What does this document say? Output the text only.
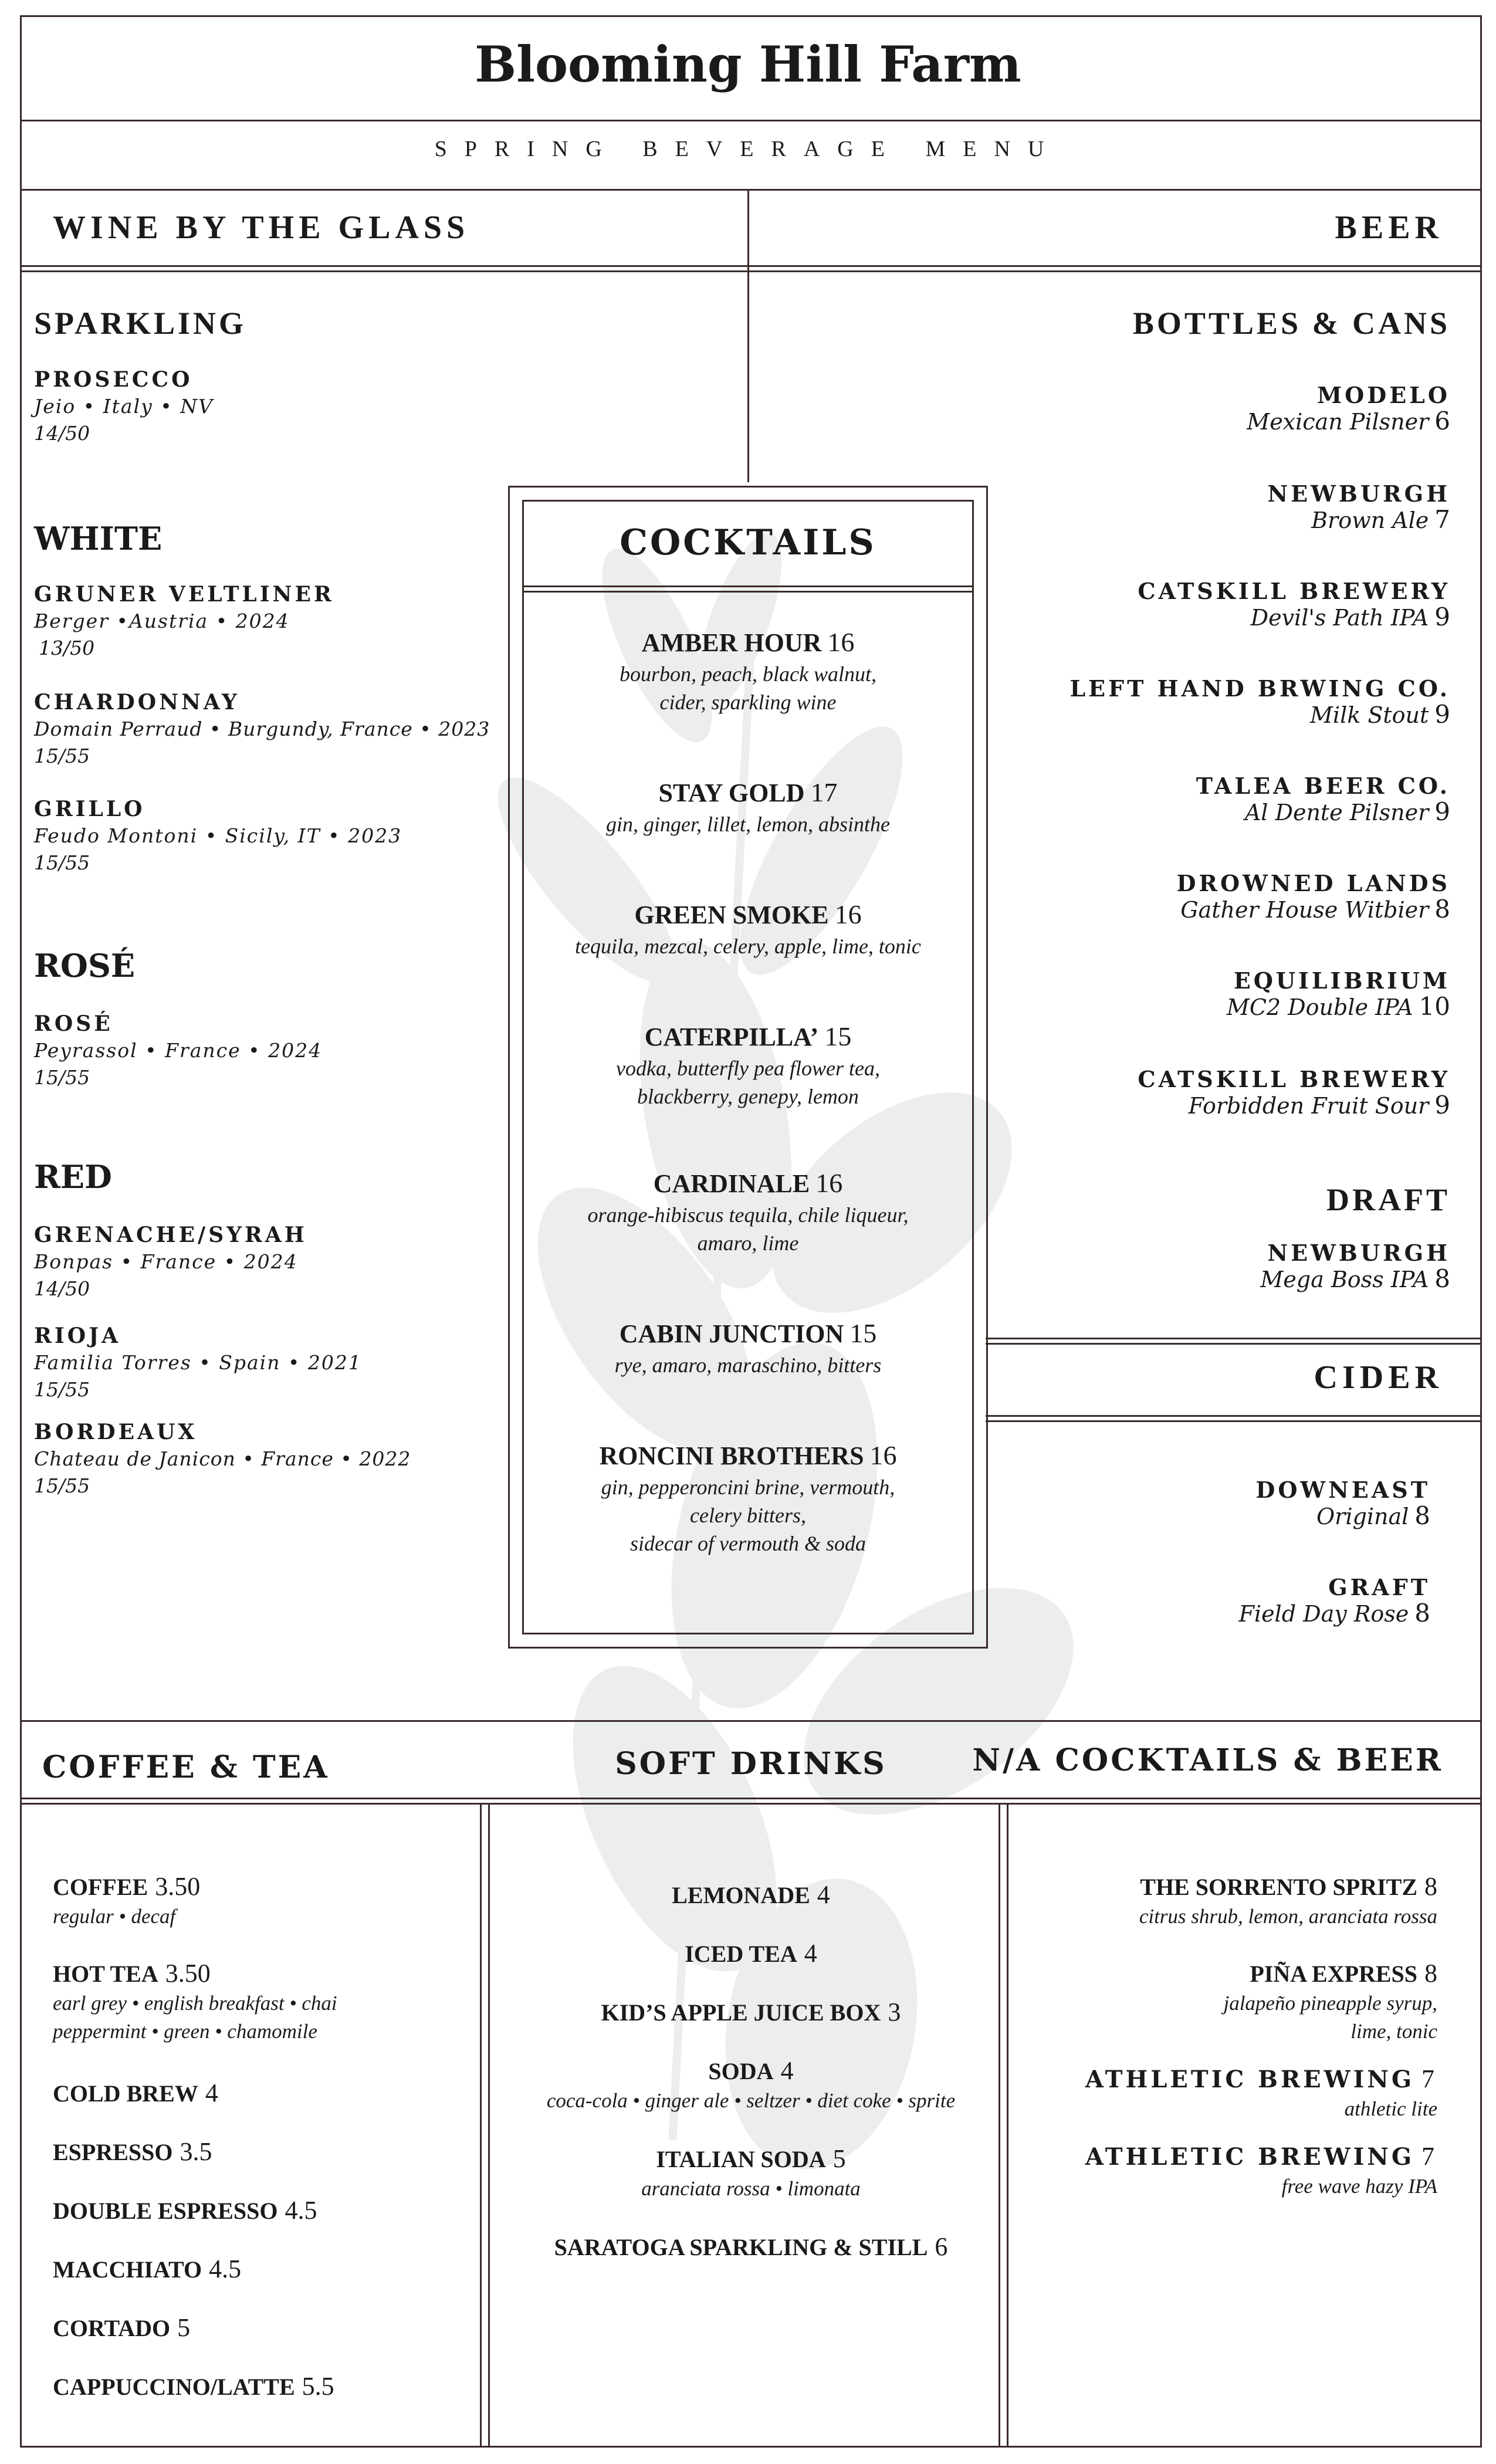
Blooming Hill Farm
SPRING BEVERAGE MENU
WINE BY THE GLASS	BEER
SPARKLING
PROSECCO
Jeio • Italy • NV
14/50
WHITE
GRUNER VELTLINER
Berger •Austria • 2024
13/50
CHARDONNAY
Domain Perraud • Burgundy, France • 2023
15/55
GRILLO
Feudo Montoni • Sicily, IT • 2023
15/55
ROSÉ
ROSÉ
Peyrassol • France • 2024
15/55
RED
GRENACHE/SYRAH
Bonpas • France • 2024
14/50
RIOJA
Familia Torres • Spain • 2021
15/55
BORDEAUX
Chateau de Janicon • France • 2022
15/55
BOTTLES & CANS
MODELO
Mexican Pilsner 6
NEWBURGH
Brown Ale 7
CATSKILL BREWERY
Devil's Path IPA 9
LEFT HAND BRWING CO.
Milk Stout 9
TALEA BEER CO.
Al Dente Pilsner 9
DROWNED LANDS
Gather House Witbier 8
EQUILIBRIUM
MC2 Double IPA 10
CATSKILL BREWERY
Forbidden Fruit Sour 9
DRAFT
NEWBURGH
Mega Boss IPA 8
CIDER
DOWNEAST
Original 8
GRAFT
Field Day Rose 8
COCKTAILS
AMBER HOUR 16
bourbon, peach, black walnut,
cider, sparkling wine
STAY GOLD 17
gin, ginger, lillet, lemon, absinthe
GREEN SMOKE 16
tequila, mezcal, celery, apple, lime, tonic
CATERPILLA’ 15
vodka, butterfly pea flower tea,
blackberry, genepy, lemon
CARDINALE 16
orange-hibiscus tequila, chile liqueur,
amaro, lime
CABIN JUNCTION 15
rye, amaro, maraschino, bitters
RONCINI BROTHERS 16
gin, pepperoncini brine, vermouth,
celery bitters,
sidecar of vermouth & soda
COFFEE & TEA	SOFT DRINKS	N/A COCKTAILS & BEER
COFFEE 3.50
regular • decaf
HOT TEA 3.50
earl grey • english breakfast • chai
peppermint • green • chamomile
COLD BREW 4
ESPRESSO 3.5
DOUBLE ESPRESSO 4.5
MACCHIATO 4.5
CORTADO 5
CAPPUCCINO/LATTE 5.5
LEMONADE 4
ICED TEA 4
KID’S APPLE JUICE BOX 3
SODA 4
coca-cola • ginger ale • seltzer • diet coke • sprite
ITALIAN SODA 5
aranciata rossa • limonata
SARATOGA SPARKLING & STILL 6
THE SORRENTO SPRITZ 8
citrus shrub, lemon, aranciata rossa
PIÑA EXPRESS 8
jalapeño pineapple syrup,
lime, tonic
ATHLETIC BREWING 7
athletic lite
ATHLETIC BREWING 7
free wave hazy IPA
